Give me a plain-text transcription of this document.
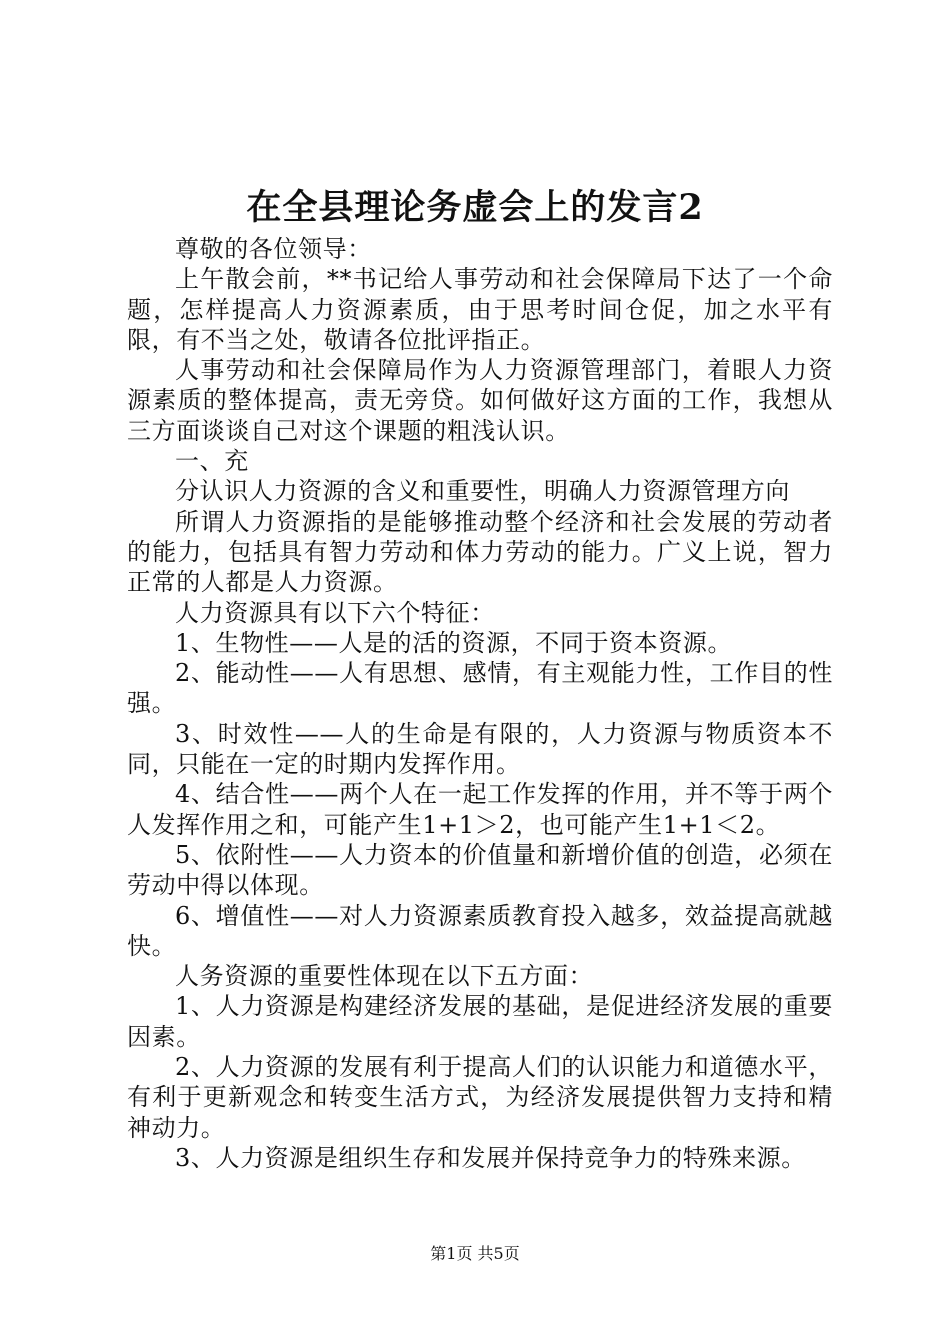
在全县理论务虚会上的发言2

尊敬的各位领导：

上午散会前，**书记给人事劳动和社会保障局下达了一个命题，怎样提高人力资源素质，由于思考时间仓促，加之水平有限，有不当之处，敬请各位批评指正。

人事劳动和社会保障局作为人力资源管理部门，着眼人力资源素质的整体提高，责无旁贷。如何做好这方面的工作，我想从三方面谈谈自己对这个课题的粗浅认识。

一、充

分认识人力资源的含义和重要性，明确人力资源管理方向

所谓人力资源指的是能够推动整个经济和社会发展的劳动者的能力，包括具有智力劳动和体力劳动的能力。广义上说，智力正常的人都是人力资源。

人力资源具有以下六个特征：

1、生物性——人是的活的资源，不同于资本资源。

2、能动性——人有思想、感情，有主观能力性，工作目的性强。

3、时效性——人的生命是有限的，人力资源与物质资本不同，只能在一定的时期内发挥作用。

4、结合性——两个人在一起工作发挥的作用，并不等于两个人发挥作用之和，可能产生1+1＞2，也可能产生1+1＜2。

5、依附性——人力资本的价值量和新增价值的创造，必须在劳动中得以体现。

6、增值性——对人力资源素质教育投入越多，效益提高就越快。

人务资源的重要性体现在以下五方面：

1、人力资源是构建经济发展的基础，是促进经济发展的重要因素。

2、人力资源的发展有利于提高人们的认识能力和道德水平，有利于更新观念和转变生活方式，为经济发展提供智力支持和精神动力。

3、人力资源是组织生存和发展并保持竞争力的特殊来源。

第1页 共5页
